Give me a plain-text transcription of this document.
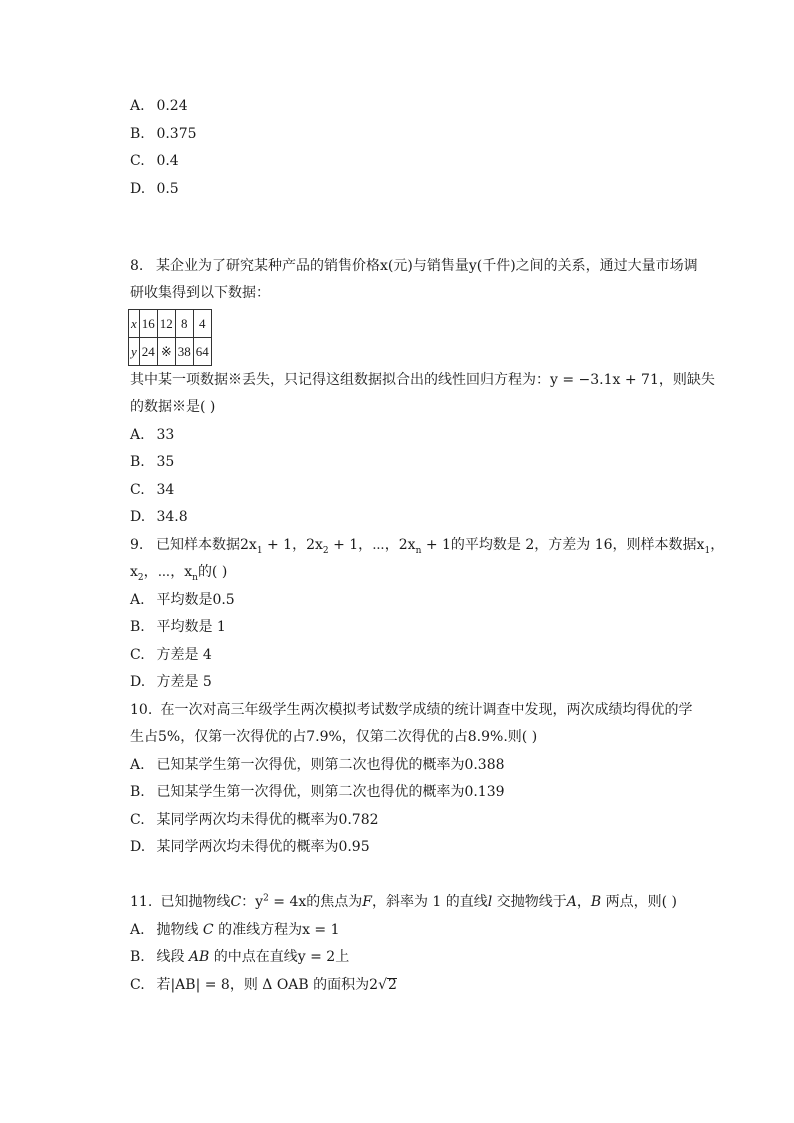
A. 0.24
B. 0.375
C. 0.4
D. 0.5
8. 某企业为了研究某种产品的销售价格x(元)与销售量y(千件)之间的关系，通过大量市场调
研收集得到以下数据：
x	16	12	8	4
y	24	※	38	64
其中某一项数据※丢失，只记得这组数据拟合出的线性回归方程为：y = −3.1x + 71，则缺失
的数据※是( )
A. 33
B. 35
C. 34
D. 34.8
9. 已知样本数据$2x_1 + 1$，$2x_2 + 1$，⋯，$2x_n + 1$的平均数是 2，方差为 16，则样本数据$x_1$，
$x_2$，⋯，$x_n$的( )
A. 平均数是0.5
B. 平均数是 1
C. 方差是 4
D. 方差是 5
10. 在一次对高三年级学生两次模拟考试数学成绩的统计调查中发现，两次成绩均得优的学
生占5%，仅第一次得优的占7.9%，仅第二次得优的占8.9%.则( )
A. 已知某学生第一次得优，则第二次也得优的概率为0.388
B. 已知某学生第一次得优，则第二次也得优的概率为0.139
C. 某同学两次均未得优的概率为0.782
D. 某同学两次均未得优的概率为0.95
11. 已知抛物线C：$y^2 = 4x$的焦点为F，斜率为 1 的直线l 交抛物线于A，B 两点，则( )
A. 抛物线 C 的准线方程为x = 1
B. 线段 AB 的中点在直线y = 2上
C. 若|AB| = 8，则 Δ OAB 的面积为2√2
